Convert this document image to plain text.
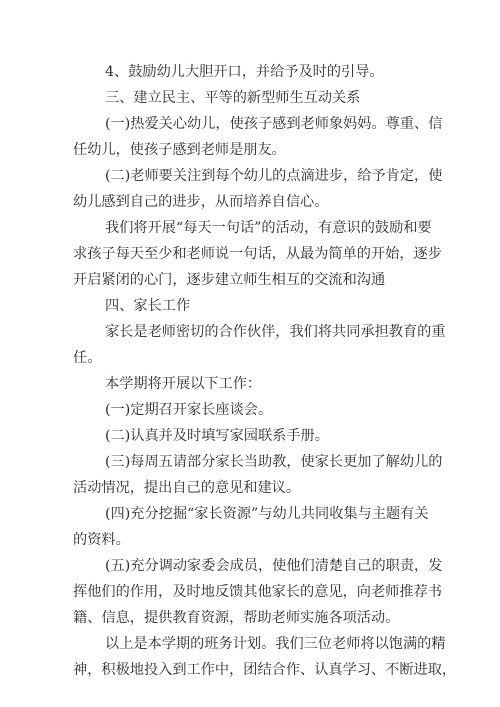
4、鼓励幼儿大胆开口，并给予及时的引导。
三、建立民主、平等的新型师生互动关系
(一)热爱关心幼儿，使孩子感到老师象妈妈。尊重、信
任幼儿，使孩子感到老师是朋友。
(二)老师要关注到每个幼儿的点滴进步，给予肯定，使
幼儿感到自己的进步，从而培养自信心。
我们将开展“每天一句话”的活动，有意识的鼓励和要
求孩子每天至少和老师说一句话，从最为简单的开始，逐步
开启紧闭的心门，逐步建立师生相互的交流和沟通
四、家长工作
家长是老师密切的合作伙伴，我们将共同承担教育的重
任。
本学期将开展以下工作：
(一)定期召开家长座谈会。
(二)认真并及时填写家园联系手册。
(三)每周五请部分家长当助教，使家长更加了解幼儿的
活动情况，提出自己的意见和建议。
(四)充分挖掘“家长资源”与幼儿共同收集与主题有关
的资料。
(五)充分调动家委会成员，使他们清楚自己的职责，发
挥他们的作用，及时地反馈其他家长的意见，向老师推荐书
籍、信息，提供教育资源，帮助老师实施各项活动。
以上是本学期的班务计划。我们三位老师将以饱满的精
神，积极地投入到工作中，团结合作、认真学习、不断进取，
